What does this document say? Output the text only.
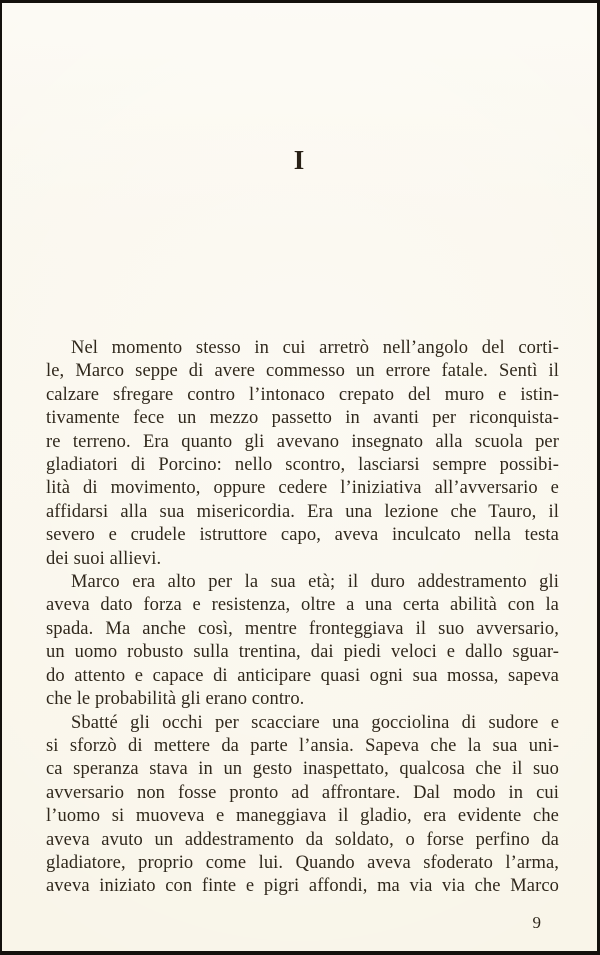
I
Nel momento stesso in cui arretrò nell’angolo del corti-
le, Marco seppe di avere commesso un errore fatale. Sentì il
calzare sfregare contro l’intonaco crepato del muro e istin-
tivamente fece un mezzo passetto in avanti per riconquista-
re terreno. Era quanto gli avevano insegnato alla scuola per
gladiatori di Porcino: nello scontro, lasciarsi sempre possibi-
lità di movimento, oppure cedere l’iniziativa all’avversario e
affidarsi alla sua misericordia. Era una lezione che Tauro, il
severo e crudele istruttore capo, aveva inculcato nella testa
dei suoi allievi.
Marco era alto per la sua età; il duro addestramento gli
aveva dato forza e resistenza, oltre a una certa abilità con la
spada. Ma anche così, mentre fronteggiava il suo avversario,
un uomo robusto sulla trentina, dai piedi veloci e dallo sguar-
do attento e capace di anticipare quasi ogni sua mossa, sapeva
che le probabilità gli erano contro.
Sbatté gli occhi per scacciare una gocciolina di sudore e
si sforzò di mettere da parte l’ansia. Sapeva che la sua uni-
ca speranza stava in un gesto inaspettato, qualcosa che il suo
avversario non fosse pronto ad affrontare. Dal modo in cui
l’uomo si muoveva e maneggiava il gladio, era evidente che
aveva avuto un addestramento da soldato, o forse perfino da
gladiatore, proprio come lui. Quando aveva sfoderato l’arma,
aveva iniziato con finte e pigri affondi, ma via via che Marco
9
